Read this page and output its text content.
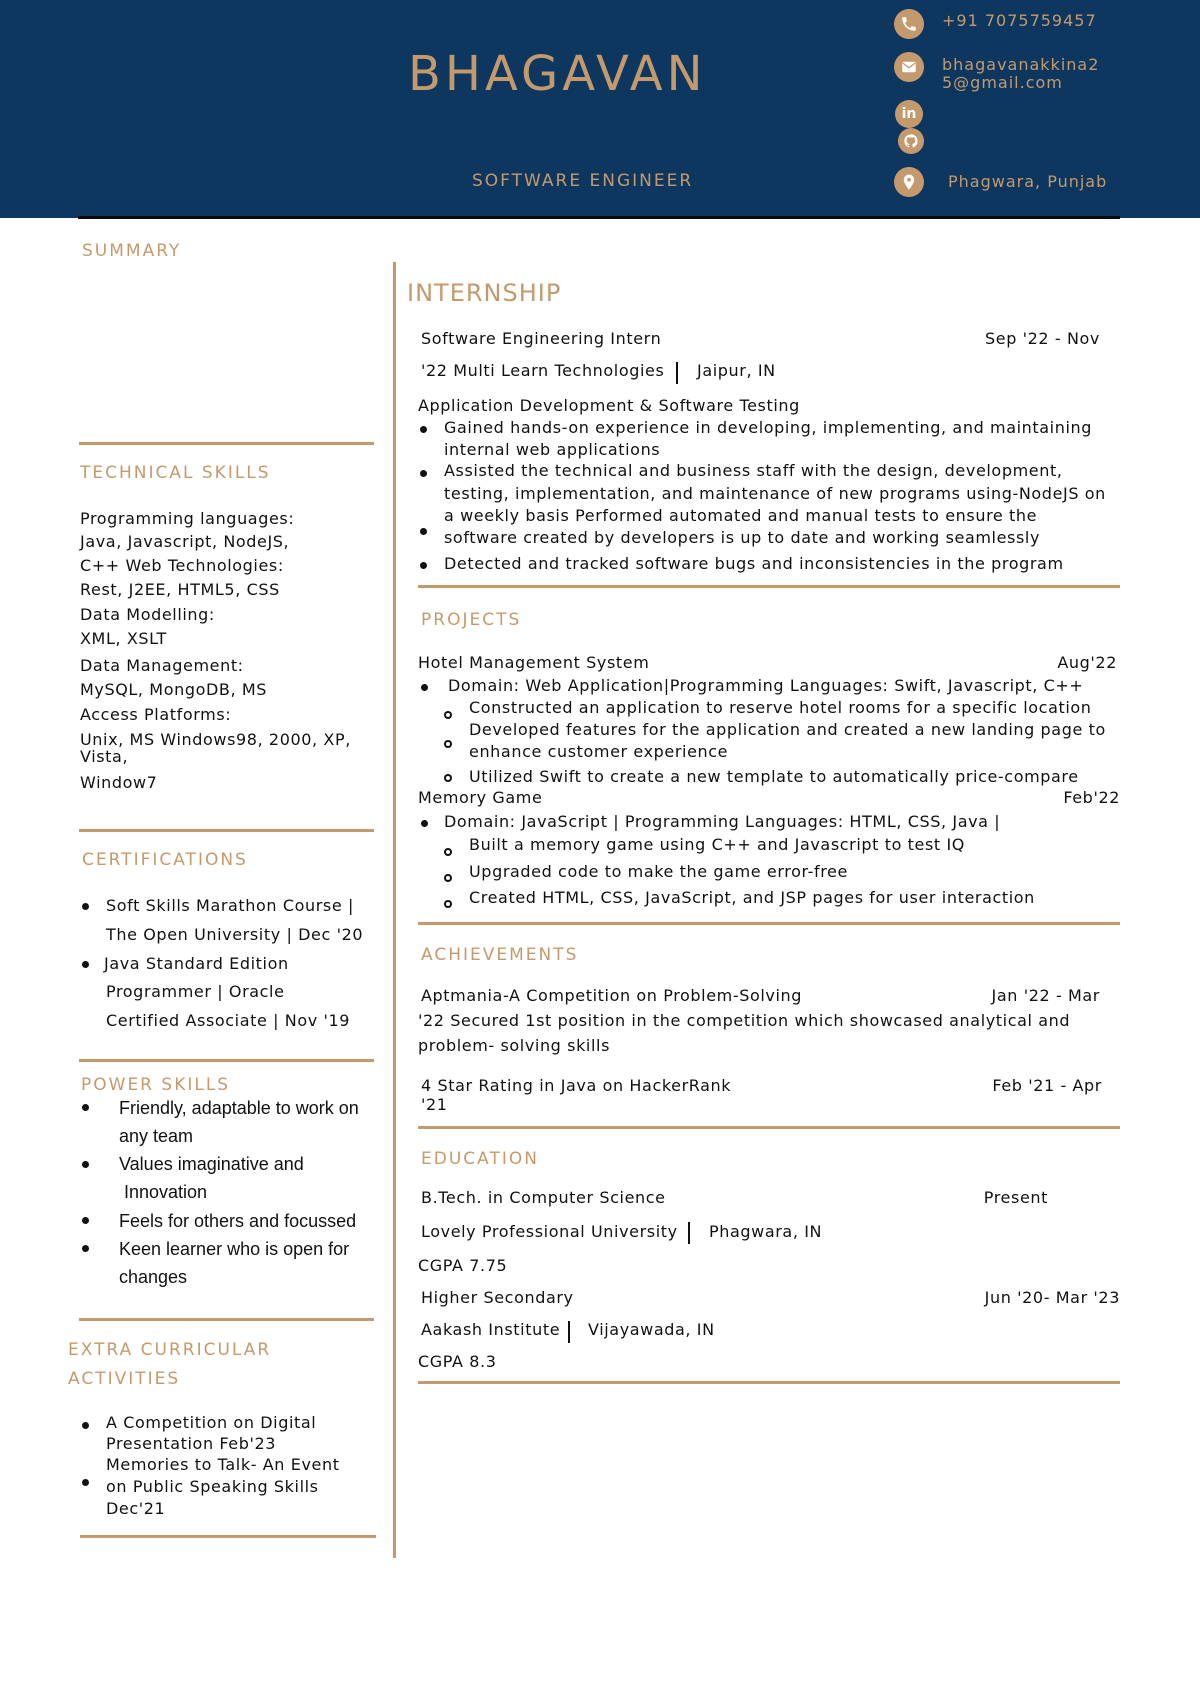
BHAGAVAN
SOFTWARE ENGINEER
+91 7075759457
bhagavanakkina2
5@gmail.com
in
Phagwara, Punjab
SUMMARY
TECHNICAL SKILLS
Programming languages:
Java, Javascript, NodeJS,
C++ Web Technologies:
Rest, J2EE, HTML5, CSS
Data Modelling:
XML, XSLT
Data Management:
MySQL, MongoDB, MS
Access Platforms:
Unix, MS Windows98, 2000, XP,
Vista,
Window7
CERTIFICATIONS
Soft Skills Marathon Course |
The Open University | Dec '20
Java Standard Edition
Programmer | Oracle
Certified Associate | Nov '19
POWER SKILLS
Friendly, adaptable to work on
any team
Values imaginative and
Innovation
Feels for others and focussed
Keen learner who is open for
changes
EXTRA CURRICULAR
ACTIVITIES
A Competition on Digital
Presentation Feb'23
Memories to Talk- An Event
on Public Speaking Skills
Dec'21
INTERNSHIP
Software Engineering Intern	Sep '22 - Nov
'22 Multi Learn Technologies Jaipur, IN
Application Development & Software Testing
Gained hands-on experience in developing, implementing, and maintaining
internal web applications
Assisted the technical and business staff with the design, development,
testing, implementation, and maintenance of new programs using-NodeJS on
a weekly basis Performed automated and manual tests to ensure the
software created by developers is up to date and working seamlessly
Detected and tracked software bugs and inconsistencies in the program
PROJECTS
Hotel Management System	Aug'22
Domain: Web Application|Programming Languages: Swift, Javascript, C++
Constructed an application to reserve hotel rooms for a specific location
Developed features for the application and created a new landing page to
enhance customer experience
Utilized Swift to create a new template to automatically price-compare
Memory Game	Feb'22
Domain: JavaScript | Programming Languages: HTML, CSS, Java |
Built a memory game using C++ and Javascript to test IQ
Upgraded code to make the game error-free
Created HTML, CSS, JavaScript, and JSP pages for user interaction
ACHIEVEMENTS
Aptmania-A Competition on Problem-Solving	Jan '22 - Mar
'22 Secured 1st position in the competition which showcased analytical and
problem- solving skills
4 Star Rating in Java on HackerRank	Feb '21 - Apr
'21
EDUCATION
B.Tech. in Computer Science	Present
Lovely Professional University Phagwara, IN
CGPA 7.75
Higher Secondary	Jun '20- Mar '23
Aakash Institute Vijayawada, IN
CGPA 8.3
